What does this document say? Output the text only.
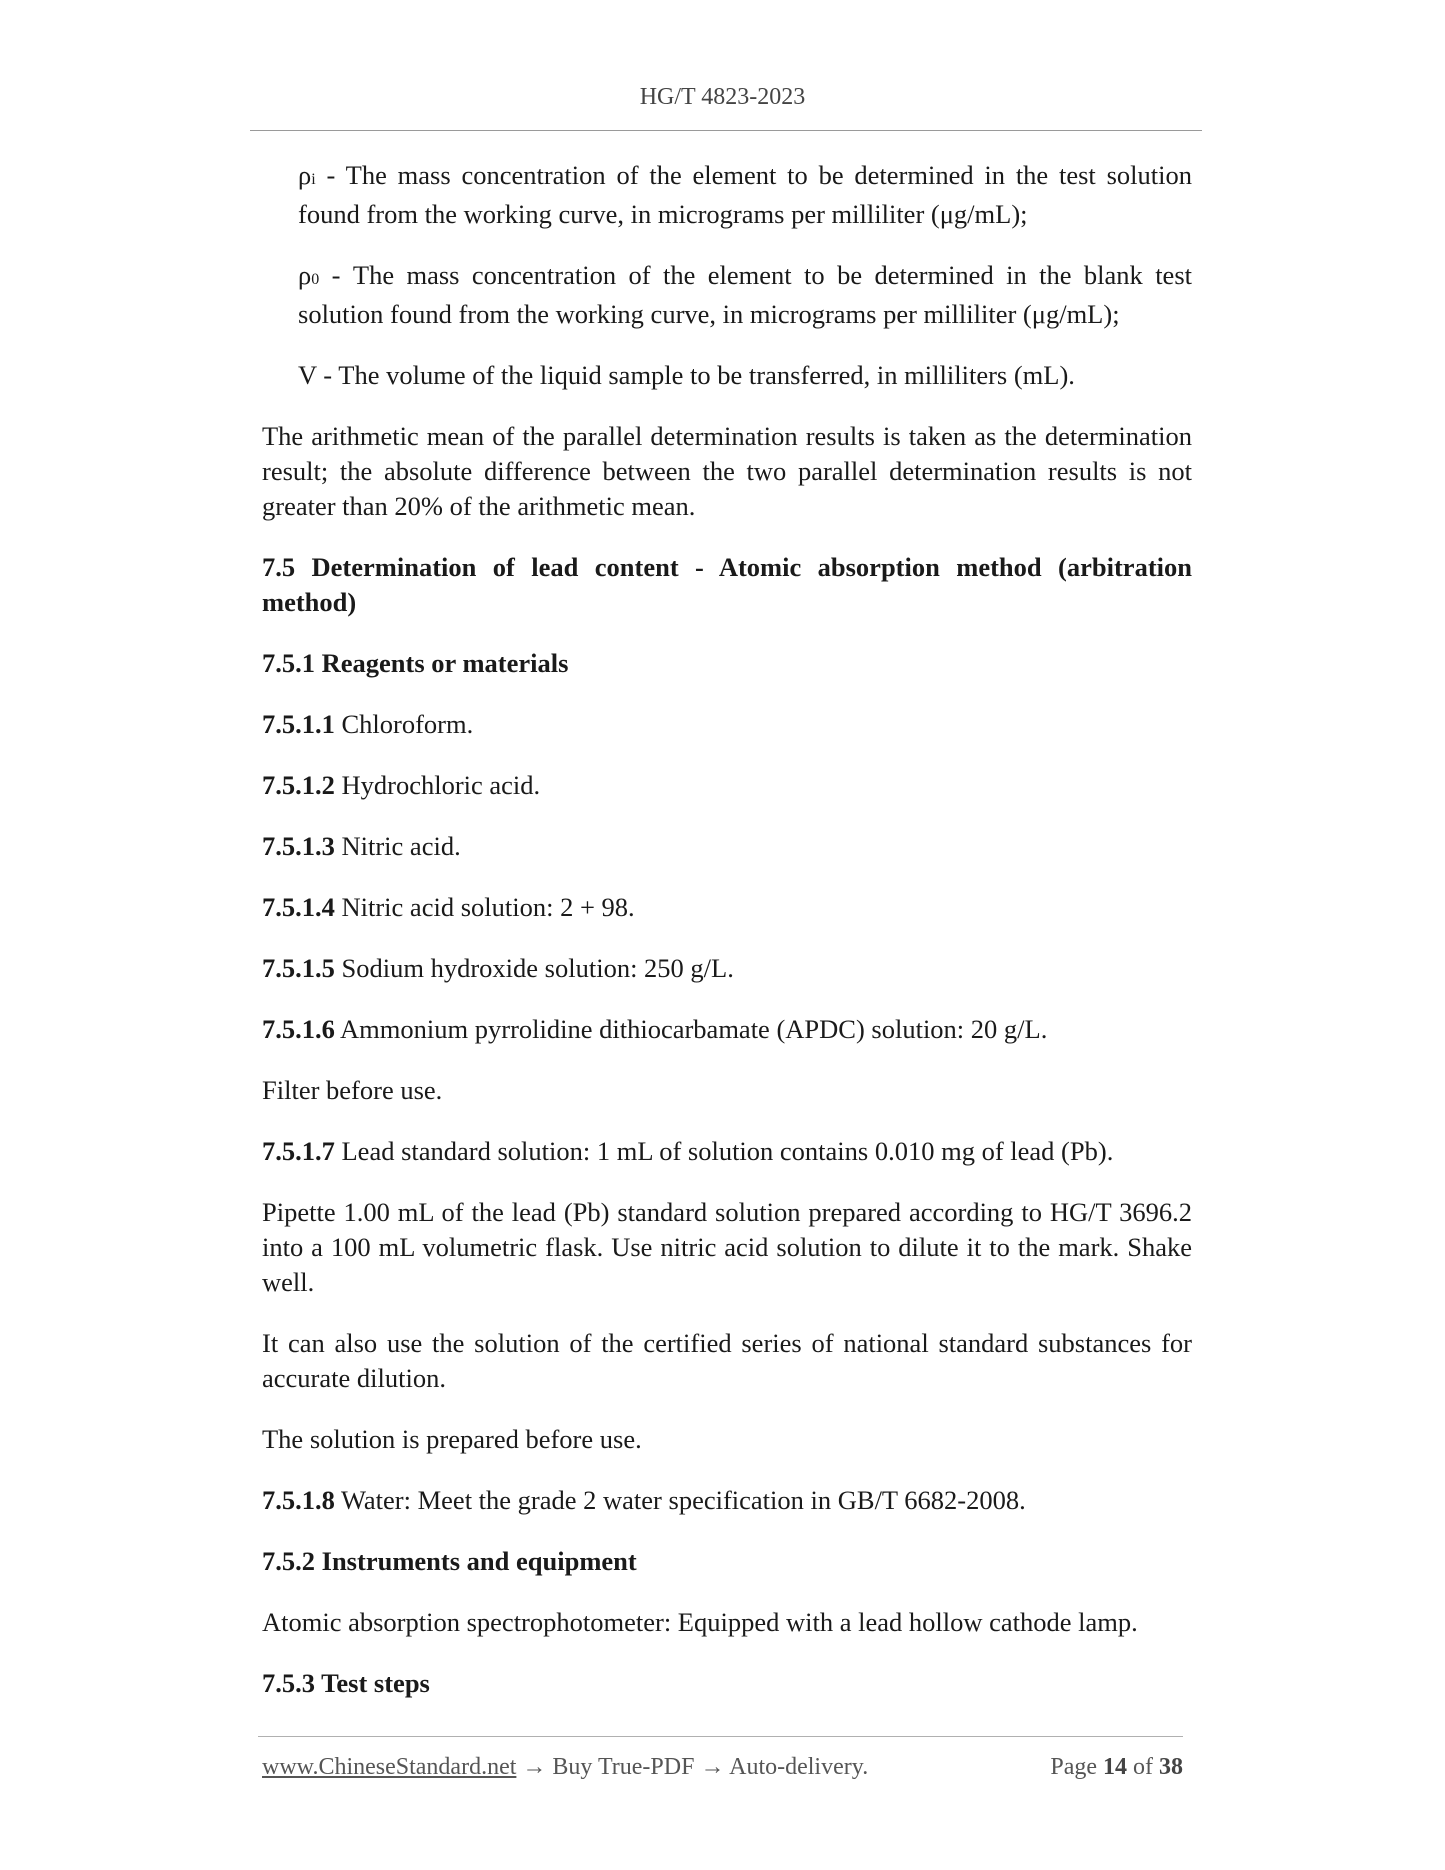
HG/T 4823-2023

ρi - The mass concentration of the element to be determined in the test solution found from the working curve, in micrograms per milliliter (μg/mL);

ρ0 - The mass concentration of the element to be determined in the blank test solution found from the working curve, in micrograms per milliliter (μg/mL);

V - The volume of the liquid sample to be transferred, in milliliters (mL).

The arithmetic mean of the parallel determination results is taken as the determination result; the absolute difference between the two parallel determination results is not greater than 20% of the arithmetic mean.

7.5 Determination of lead content - Atomic absorption method (arbitration method)

7.5.1 Reagents or materials

7.5.1.1 Chloroform.

7.5.1.2 Hydrochloric acid.

7.5.1.3 Nitric acid.

7.5.1.4 Nitric acid solution: 2 + 98.

7.5.1.5 Sodium hydroxide solution: 250 g/L.

7.5.1.6 Ammonium pyrrolidine dithiocarbamate (APDC) solution: 20 g/L.

Filter before use.

7.5.1.7 Lead standard solution: 1 mL of solution contains 0.010 mg of lead (Pb).

Pipette 1.00 mL of the lead (Pb) standard solution prepared according to HG/T 3696.2 into a 100 mL volumetric flask. Use nitric acid solution to dilute it to the mark. Shake well.

It can also use the solution of the certified series of national standard substances for accurate dilution.

The solution is prepared before use.

7.5.1.8 Water: Meet the grade 2 water specification in GB/T 6682-2008.

7.5.2 Instruments and equipment

Atomic absorption spectrophotometer: Equipped with a lead hollow cathode lamp.

7.5.3 Test steps

www.ChineseStandard.net → Buy True-PDF → Auto-delivery.	Page 14 of 38
